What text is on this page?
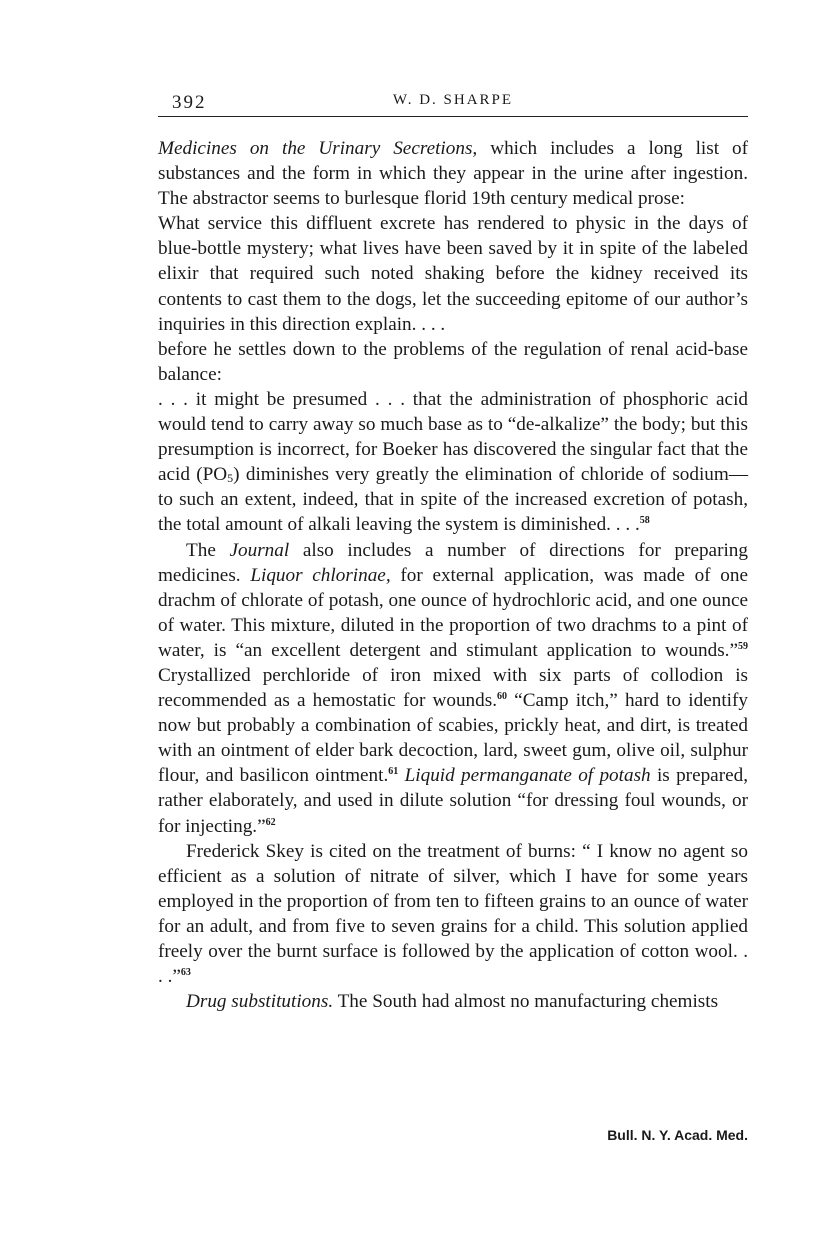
392	W. D. SHARPE

Medicines on the Urinary Secretions, which includes a long list of substances and the form in which they appear in the urine after ingestion. The abstractor seems to burlesque florid 19th century medical prose:

What service this diffluent excrete has rendered to physic in the days of blue-bottle mystery; what lives have been saved by it in spite of the labeled elixir that required such noted shaking before the kidney received its contents to cast them to the dogs, let the succeeding epitome of our author’s inquiries in this direction explain. . . .

before he settles down to the problems of the regulation of renal acid-base balance:

. . . it might be presumed . . . that the administration of phosphoric acid would tend to carry away so much base as to “de-alkalize” the body; but this presumption is incorrect, for Boeker has discovered the singular fact that the acid $(PO_5)$ diminishes very greatly the elimination of chloride of sodium—to such an extent, indeed, that in spite of the increased excretion of potash, the total amount of alkali leaving the system is diminished. . . .$^{58}$

The Journal also includes a number of directions for preparing medicines. Liquor chlorinae, for external application, was made of one drachm of chlorate of potash, one ounce of hydrochloric acid, and one ounce of water. This mixture, diluted in the proportion of two drachms to a pint of water, is “an excellent detergent and stimulant application to wounds.”$^{59}$ Crystallized perchloride of iron mixed with six parts of collodion is recommended as a hemostatic for wounds.$^{60}$ “Camp itch,” hard to identify now but probably a combination of scabies, prickly heat, and dirt, is treated with an ointment of elder bark decoction, lard, sweet gum, olive oil, sulphur flour, and basilicon ointment.$^{61}$ Liquid permanganate of potash is prepared, rather elaborately, and used in dilute solution “for dressing foul wounds, or for injecting.”$^{62}$

Frederick Skey is cited on the treatment of burns: “ I know no agent so efficient as a solution of nitrate of silver, which I have for some years employed in the proportion of from ten to fifteen grains to an ounce of water for an adult, and from five to seven grains for a child. This solution applied freely over the burnt surface is followed by the application of cotton wool. . . .”$^{63}$

Drug substitutions. The South had almost no manufacturing chemists

Bull. N. Y. Acad. Med.
